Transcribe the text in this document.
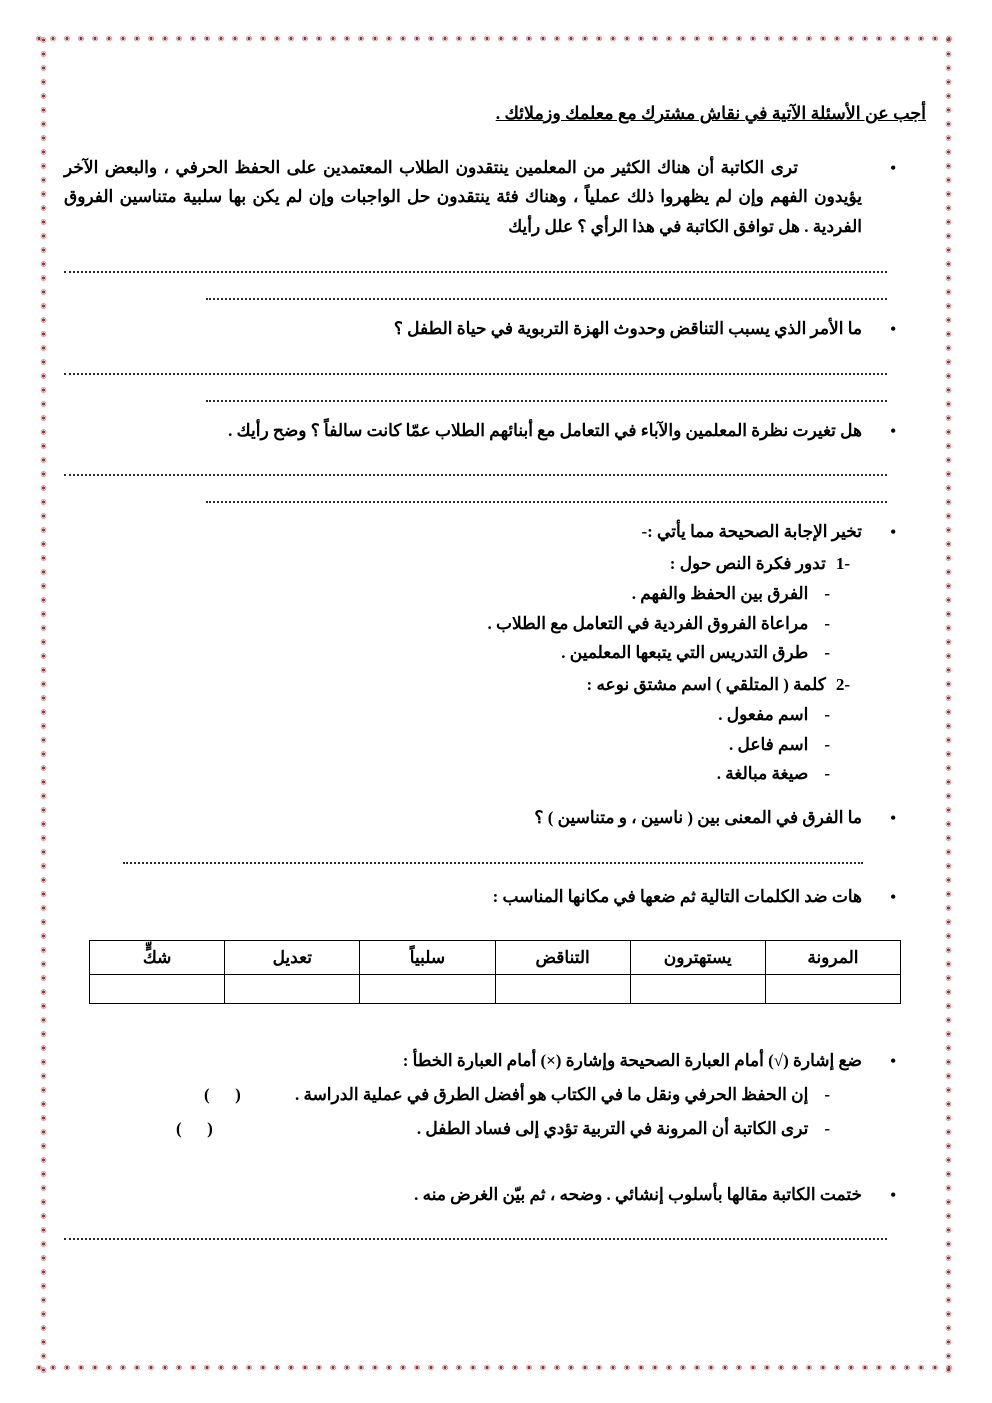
أجب عن الأسئلة الآتية في نقاش مشترك مع معلمك وزملائك .
•

ترى الكاتبة أن هناك الكثير من المعلمين ينتقدون الطلاب المعتمدين على الحفظ الحرفي ، والبعض الآخر يؤيدون الفهم وإن لم يظهروا ذلك عملياً ، وهناك فئة ينتقدون حل الواجبات وإن لم يكن بها سلبية متناسين الفروق الفردية . هل توافق الكاتبة في هذا الرأي ؟ علل رأيك

•
ما الأمر الذي يسبب التناقض وحدوث الهزة التربوية في حياة الطفل ؟
•
هل تغيرت نظرة المعلمين والآباء في التعامل مع أبنائهم الطلاب عمّا كانت سالفاً ؟ وضح رأيك .
•
تخير الإجابة الصحيحة مما يأتي :-
1-
تدور فكرة النص حول :
-
الفرق بين الحفظ والفهم .
-
مراعاة الفروق الفردية في التعامل مع الطلاب .
-
طرق التدريس التي يتبعها المعلمين .
2-
كلمة ( المتلقي ) اسم مشتق نوعه :
-
اسم مفعول .
-
اسم فاعل .
-
صيغة مبالغة .
•
ما الفرق في المعنى بين ( ناسين ، و متناسين ) ؟
•
هات ضد الكلمات التالية ثم ضعها في مكانها المناسب :
المرونة	يستهترون	التناقض	سلبياً	تعديل	شكٍّ

•
ضع إشارة (√) أمام العبارة الصحيحة وإشارة (×) أمام العبارة الخطأ :
-
إن الحفظ الحرفي ونقل ما في الكتاب هو أفضل الطرق في عملية الدراسة .
(      )
-
ترى الكاتبة أن المرونة في التربية تؤدي إلى فساد الطفل .
(      )
•
ختمت الكاتبة مقالها بأسلوب إنشائي . وضحه ، ثم بيّن الغرض منه .
